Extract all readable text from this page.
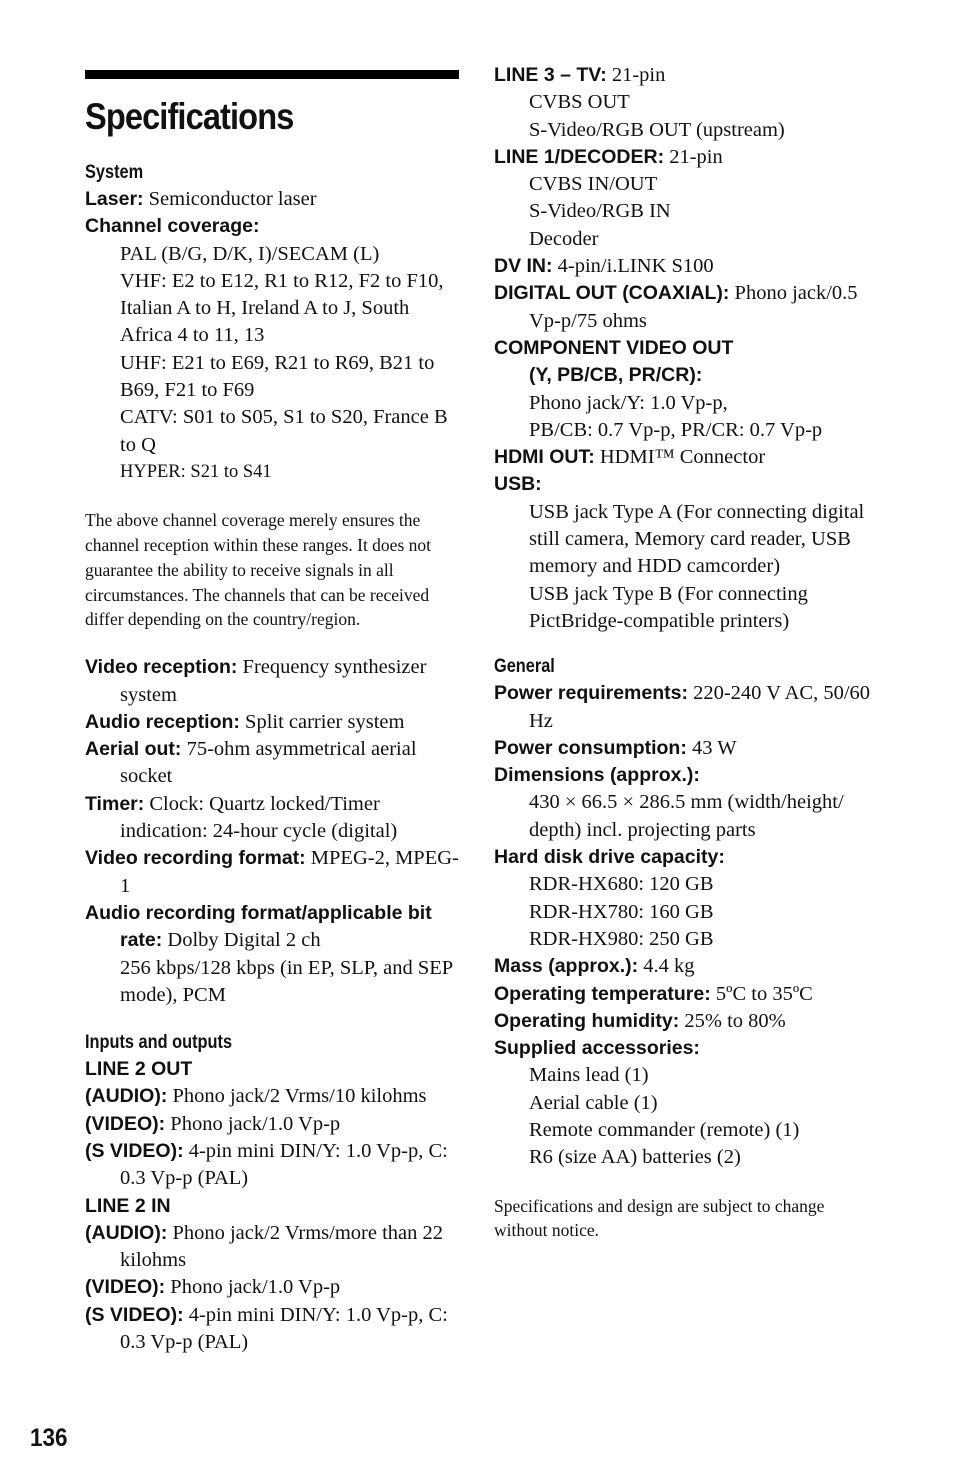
Specifications
System
Laser: Semiconductor laser
Channel coverage:
PAL (B/G, D/K, I)/SECAM (L)
VHF: E2 to E12, R1 to R12, F2 to F10, Italian A to H, Ireland A to J, South Africa 4 to 11, 13
UHF: E21 to E69, R21 to R69, B21 to B69, F21 to F69
CATV: S01 to S05, S1 to S20, France B to Q
HYPER: S21 to S41
The above channel coverage merely ensures the channel reception within these ranges. It does not guarantee the ability to receive signals in all circumstances. The channels that can be received differ depending on the country/region.
Video reception: Frequency synthesizer system
Audio reception: Split carrier system
Aerial out: 75-ohm asymmetrical aerial socket
Timer: Clock: Quartz locked/Timer indication: 24-hour cycle (digital)
Video recording format: MPEG-2, MPEG-1
Audio recording format/applicable bit rate: Dolby Digital 2 ch
256 kbps/128 kbps (in EP, SLP, and SEP mode), PCM
Inputs and outputs
LINE 2 OUT
(AUDIO): Phono jack/2 Vrms/10 kilohms
(VIDEO): Phono jack/1.0 Vp-p
(S VIDEO): 4-pin mini DIN/Y: 1.0 Vp-p, C: 0.3 Vp-p (PAL)
LINE 2 IN
(AUDIO): Phono jack/2 Vrms/more than 22 kilohms
(VIDEO): Phono jack/1.0 Vp-p
(S VIDEO): 4-pin mini DIN/Y: 1.0 Vp-p, C: 0.3 Vp-p (PAL)
LINE 3 – TV: 21-pin
CVBS OUT
S-Video/RGB OUT (upstream)
LINE 1/DECODER: 21-pin
CVBS IN/OUT
S-Video/RGB IN
Decoder
DV IN: 4-pin/i.LINK S100
DIGITAL OUT (COAXIAL): Phono jack/0.5 Vp-p/75 ohms
COMPONENT VIDEO OUT
(Y, PB/CB, PR/CR):
Phono jack/Y: 1.0 Vp-p,
PB/CB: 0.7 Vp-p, PR/CR: 0.7 Vp-p
HDMI OUT: HDMI™ Connector
USB:
USB jack Type A (For connecting digital still camera, Memory card reader, USB memory and HDD camcorder)
USB jack Type B (For connecting PictBridge-compatible printers)
General
Power requirements: 220-240 V AC, 50/60 Hz
Power consumption: 43 W
Dimensions (approx.):
430 × 66.5 × 286.5 mm (width/height/ depth) incl. projecting parts
Hard disk drive capacity:
RDR-HX680: 120 GB
RDR-HX780: 160 GB
RDR-HX980: 250 GB
Mass (approx.): 4.4 kg
Operating temperature: 5ºC to 35ºC
Operating humidity: 25% to 80%
Supplied accessories:
Mains lead (1)
Aerial cable (1)
Remote commander (remote) (1)
R6 (size AA) batteries (2)
Specifications and design are subject to change without notice.
136
